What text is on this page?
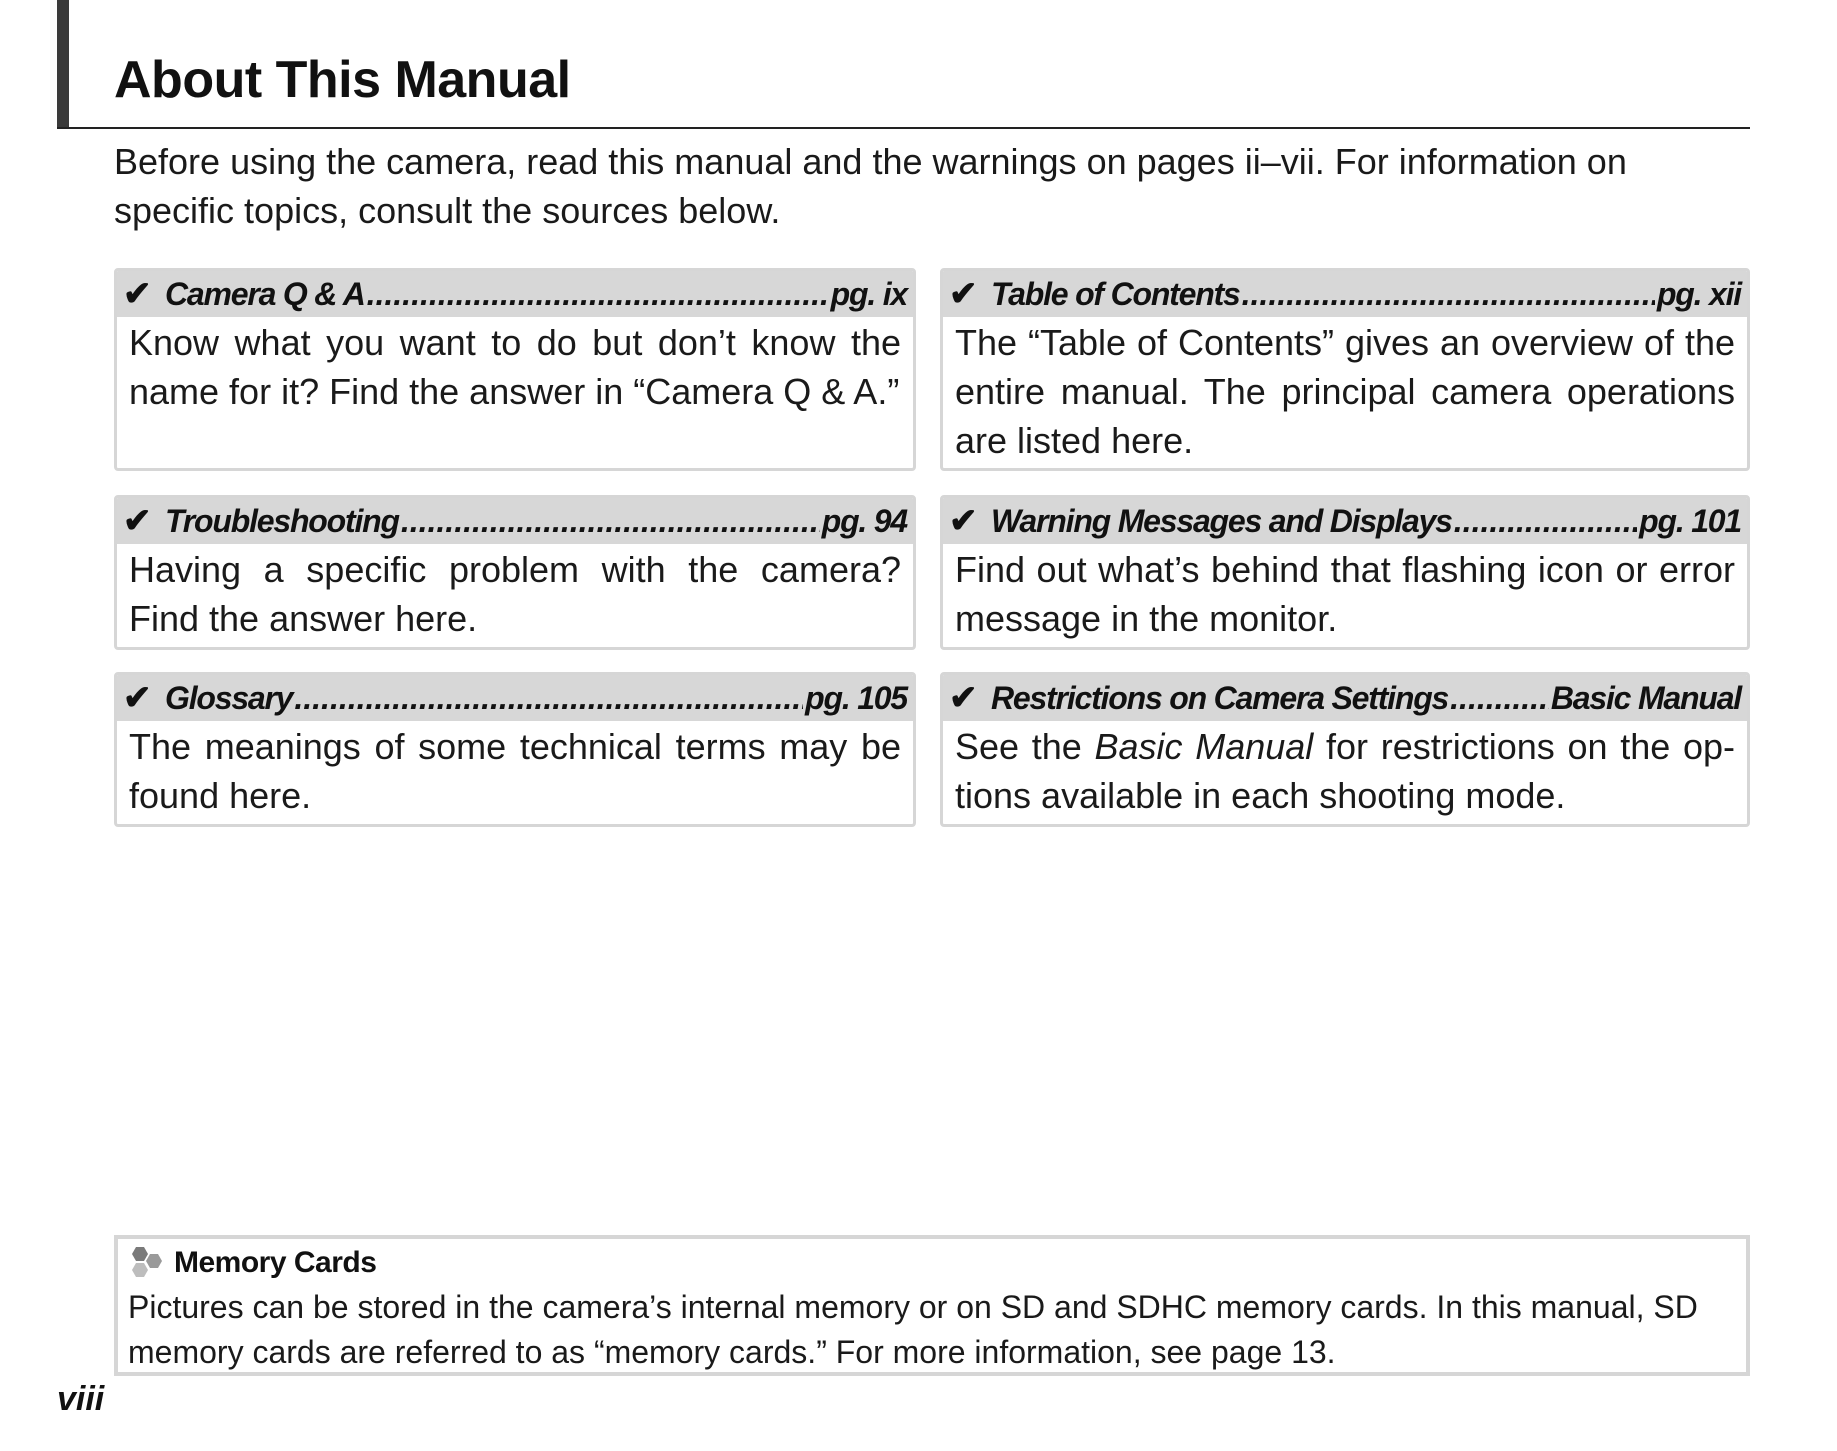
About This Manual

Before using the camera, read this manual and the warnings on pages ii–vii. For information on specific topics, consult the sources below.

✔ Camera Q & A .....	pg. ix
Know what you want to do but don’t know the name for it? Find the answer in “Camera Q & A.”
✔ Table of Contents .....	pg. xii
The “Table of Contents” gives an overview of the entire manual. The principal camera operations are listed here.
✔ Troubleshooting .....	pg. 94
Having a specific problem with the camera? Find the answer here.
✔ Warning Messages and Displays .....	pg. 101
Find out what’s behind that flashing icon or error message in the monitor.
✔ Glossary .....	pg. 105
The meanings of some technical terms may be found here.
✔ Restrictions on Camera Settings .....	Basic Manual
See the Basic Manual for restrictions on the options available in each shooting mode.
Memory Cards

Pictures can be stored in the camera’s internal memory or on SD and SDHC memory cards. In this manual, SD memory cards are referred to as “memory cards.” For more information, see page 13.

viii
